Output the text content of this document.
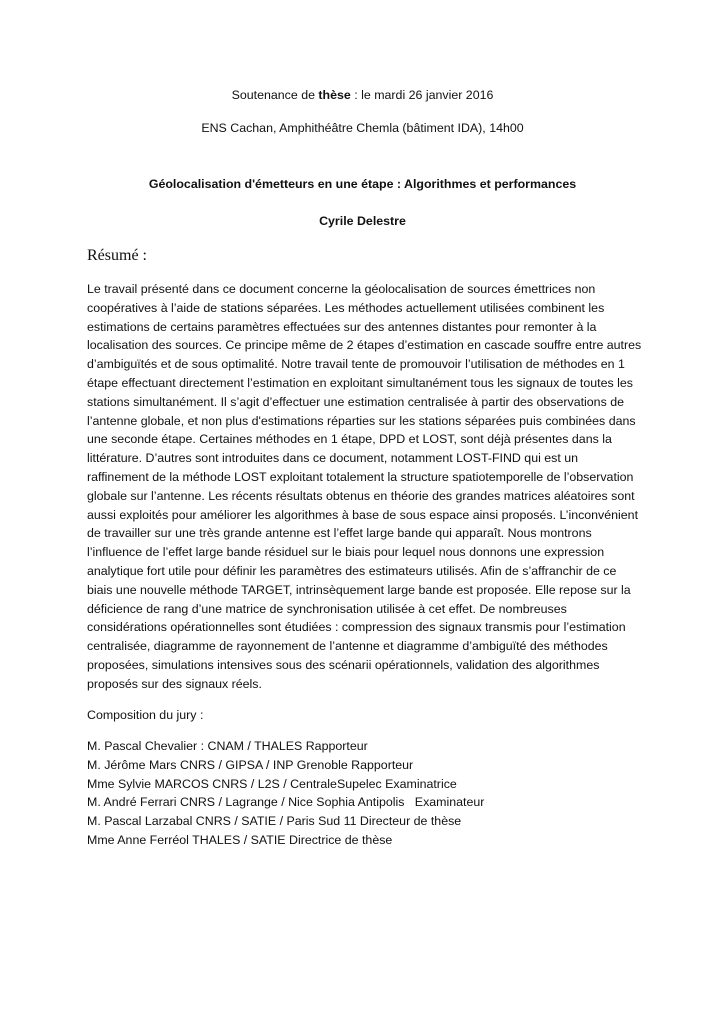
Soutenance de thèse : le mardi 26 janvier 2016
ENS Cachan, Amphithéâtre Chemla (bâtiment IDA), 14h00
Géolocalisation d'émetteurs en une étape : Algorithmes et performances
Cyrile Delestre
Résumé :
Le travail présenté dans ce document concerne la géolocalisation de sources émettrices non
coopératives à l’aide de stations séparées. Les méthodes actuellement utilisées combinent les
estimations de certains paramètres effectuées sur des antennes distantes pour remonter à la
localisation des sources. Ce principe même de 2 étapes d’estimation en cascade souffre entre autres
d’ambiguïtés et de sous optimalité. Notre travail tente de promouvoir l’utilisation de méthodes en 1
étape effectuant directement l’estimation en exploitant simultanément tous les signaux de toutes les
stations simultanément. Il s’agit d’effectuer une estimation centralisée à partir des observations de
l’antenne globale, et non plus d'estimations réparties sur les stations séparées puis combinées dans
une seconde étape. Certaines méthodes en 1 étape, DPD et LOST, sont déjà présentes dans la
littérature. D’autres sont introduites dans ce document, notamment LOST-FIND qui est un
raffinement de la méthode LOST exploitant totalement la structure spatiotemporelle de l’observation
globale sur l’antenne. Les récents résultats obtenus en théorie des grandes matrices aléatoires sont
aussi exploités pour améliorer les algorithmes à base de sous espace ainsi proposés. L’inconvénient
de travailler sur une très grande antenne est l’effet large bande qui apparaît. Nous montrons
l’influence de l’effet large bande résiduel sur le biais pour lequel nous donnons une expression
analytique fort utile pour définir les paramètres des estimateurs utilisés. Afin de s’affranchir de ce
biais une nouvelle méthode TARGET, intrinsèquement large bande est proposée. Elle repose sur la
déficience de rang d’une matrice de synchronisation utilisée à cet effet. De nombreuses
considérations opérationnelles sont étudiées : compression des signaux transmis pour l’estimation
centralisée, diagramme de rayonnement de l’antenne et diagramme d’ambiguïté des méthodes
proposées, simulations intensives sous des scénarii opérationnels, validation des algorithmes
proposés sur des signaux réels.
Composition du jury :
M. Pascal Chevalier : CNAM / THALES Rapporteur
M. Jérôme Mars CNRS / GIPSA / INP Grenoble Rapporteur
Mme Sylvie MARCOS CNRS / L2S / CentraleSupelec Examinatrice
M. André Ferrari CNRS / Lagrange / Nice Sophia Antipolis   Examinateur
M. Pascal Larzabal CNRS / SATIE / Paris Sud 11 Directeur de thèse
Mme Anne Ferréol THALES / SATIE Directrice de thèse
